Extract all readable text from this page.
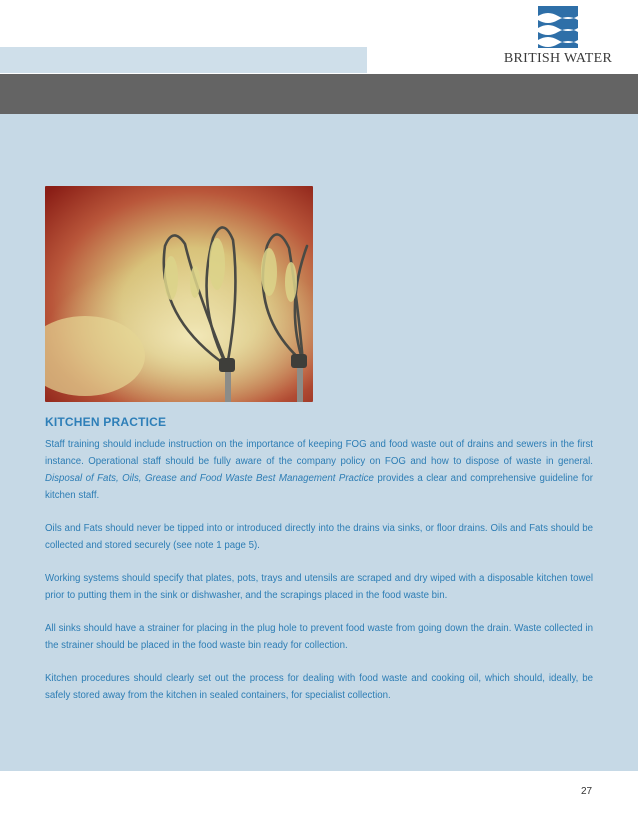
BRITISH WATER
KITCHEN PRACTICE

Staff training should include instruction on the importance of keeping FOG and food waste out of drains and sewers in the first instance. Operational staff should be fully aware of the company policy on FOG and how to dispose of waste in general. Disposal of Fats, Oils, Grease and Food Waste Best Management Practice provides a clear and comprehensive guideline for kitchen staff.

Oils and Fats should never be tipped into or introduced directly into the drains via sinks, or floor drains. Oils and Fats should be collected and stored securely (see note 1 page 5).

Working systems should specify that plates, pots, trays and utensils are scraped and dry wiped with a disposable kitchen towel prior to putting them in the sink or dishwasher, and the scrapings placed in the food waste bin.

All sinks should have a strainer for placing in the plug hole to prevent food waste from going down the drain. Waste collected in the strainer should be placed in the food waste bin ready for collection.

Kitchen procedures should clearly set out the process for dealing with food waste and cooking oil, which should, ideally, be safely stored away from the kitchen in sealed containers, for specialist collection.

27
